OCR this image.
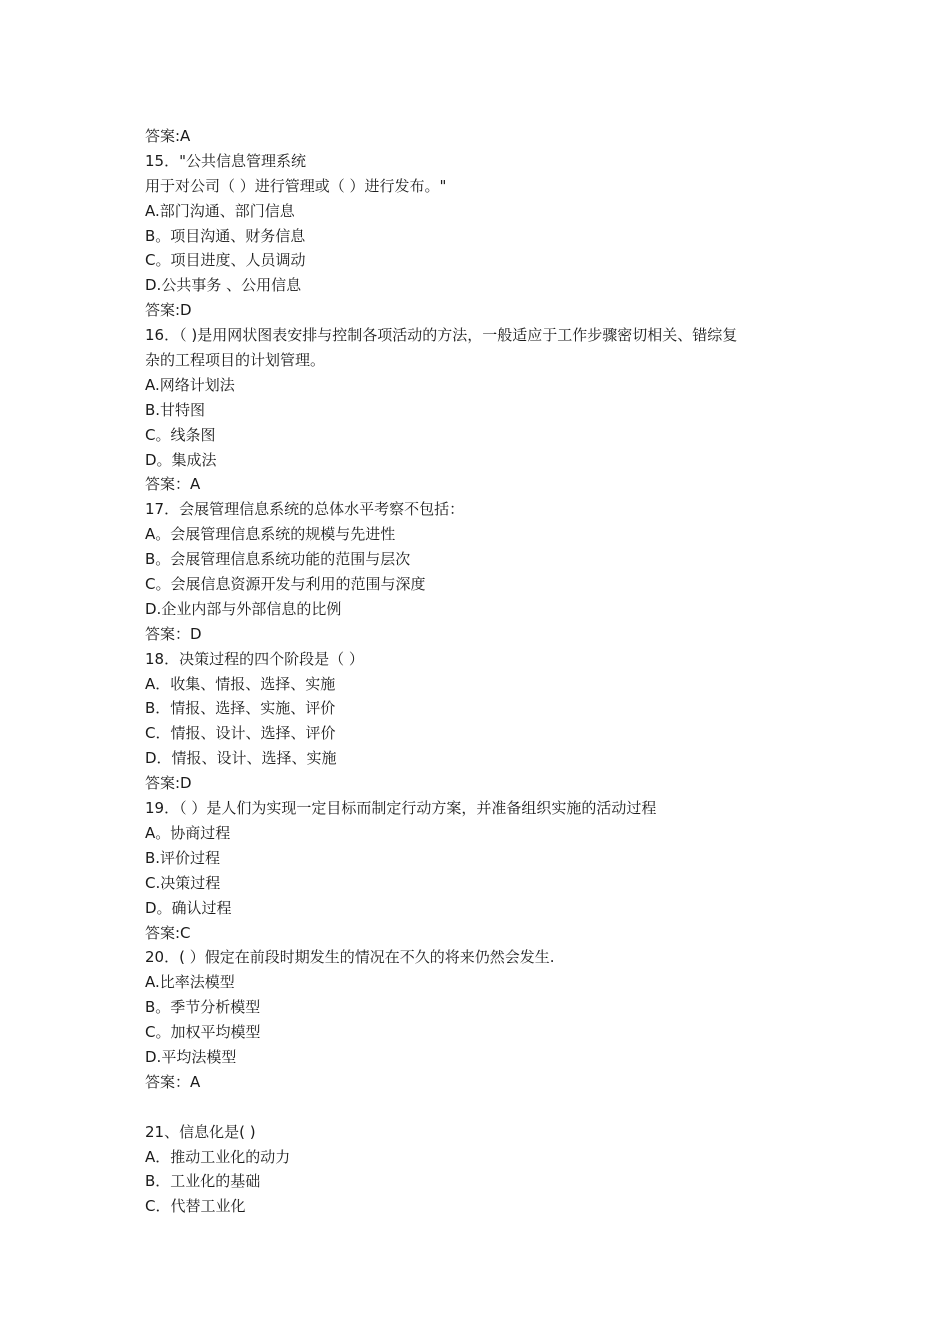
答案:A
15．"公共信息管理系统
用于对公司（ ）进行管理或（ ）进行发布。"
A.部门沟通、部门信息
B。项目沟通、财务信息
C。项目进度、人员调动
D.公共事务 、公用信息
答案:D
16．（ )是用网状图表安排与控制各项活动的方法，一般适应于工作步骤密切相关、错综复
杂的工程项目的计划管理。
A.网络计划法
B.甘特图
C。线条图
D。集成法
答案：A
17．会展管理信息系统的总体水平考察不包括：
A。会展管理信息系统的规模与先进性
B。会展管理信息系统功能的范围与层次
C。会展信息资源开发与利用的范围与深度
D.企业内部与外部信息的比例
答案：D
18．决策过程的四个阶段是（ ）
A．收集、情报、选择、实施
B．情报、选择、实施、评价
C．情报、设计、选择、评价
D．情报、设计、选择、实施
答案:D
19．（ ）是人们为实现一定目标而制定行动方案，并准备组织实施的活动过程
A。协商过程
B.评价过程
C.决策过程
D。确认过程
答案:C
20．( ）假定在前段时期发生的情况在不久的将来仍然会发生.
A.比率法模型
B。季节分析模型
C。加权平均模型
D.平均法模型
答案：A
21、信息化是( )
A．推动工业化的动力
B．工业化的基础
C．代替工业化
